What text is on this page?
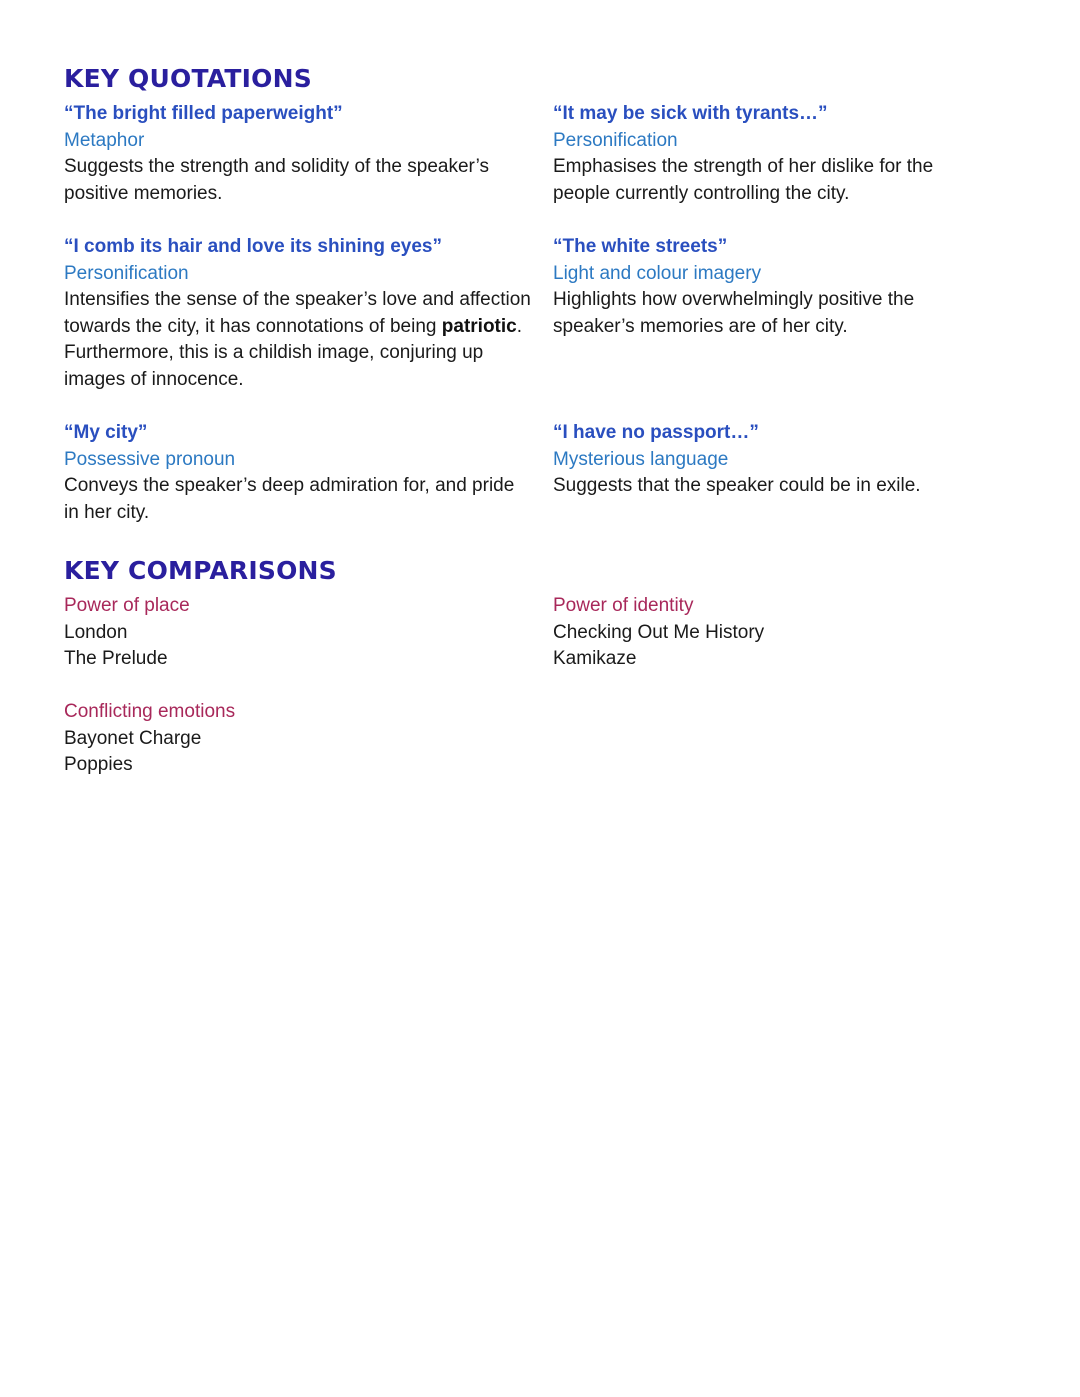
KEY QUOTATIONS
“The bright filled paperweight”
Metaphor
Suggests the strength and solidity of the speaker’s positive memories.
“It may be sick with tyrants…”
Personification
Emphasises the strength of her dislike for the people currently controlling the city.
“I comb its hair and love its shining eyes”
Personification
Intensifies the sense of the speaker’s love and affection towards the city, it has connotations of being patriotic. Furthermore, this is a childish image, conjuring up images of innocence.
“The white streets”
Light and colour imagery
Highlights how overwhelmingly positive the speaker’s memories are of her city.
“My city”
Possessive pronoun
Conveys the speaker’s deep admiration for, and pride in her city.
“I have no passport…”
Mysterious language
Suggests that the speaker could be in exile.
KEY COMPARISONS
Power of place
London
The Prelude
Power of identity
Checking Out Me History
Kamikaze
Conflicting emotions
Bayonet Charge
Poppies
